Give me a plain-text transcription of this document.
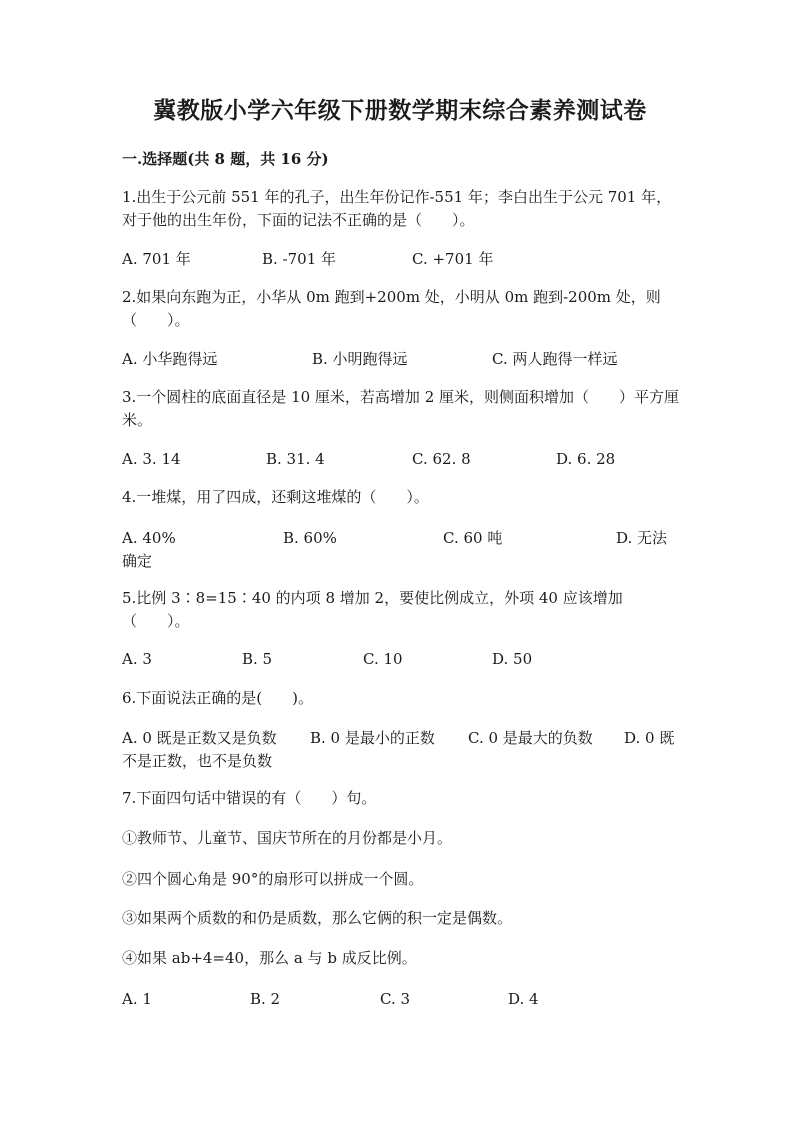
冀教版小学六年级下册数学期末综合素养测试卷
一.选择题(共 8 题，共 16 分)
1.出生于公元前 551 年的孔子，出生年份记作-551 年；李白出生于公元 701 年，对于他的出生年份，下面的记法不正确的是（　　）。
A. 701 年	B. -701 年	C. +701 年
2.如果向东跑为正，小华从 0m 跑到+200m 处，小明从 0m 跑到-200m 处，则（　　）。
A. 小华跑得远	B. 小明跑得远	C. 两人跑得一样远
3.一个圆柱的底面直径是 10 厘米，若高增加 2 厘米，则侧面积增加（　　）平方厘米。
A. 3. 14	B. 31. 4	C. 62. 8	D. 6. 28
4.一堆煤，用了四成，还剩这堆煤的（　　）。
A. 40%	B. 60%	C. 60 吨	D. 无法确定
5.比例 3∶8=15∶40 的内项 8 增加 2，要使比例成立，外项 40 应该增加（　　）。
A. 3	B. 5	C. 10	D. 50
6.下面说法正确的是(　　)。
A. 0 既是正数又是负数 B. 0 是最小的正数 C. 0 是最大的负数	D. 0 既不是正数，也不是负数
7.下面四句话中错误的有（　　）句。
①教师节、儿童节、国庆节所在的月份都是小月。
②四个圆心角是 90°的扇形可以拼成一个圆。
③如果两个质数的和仍是质数，那么它俩的积一定是偶数。
④如果 ab+4=40，那么 a 与 b 成反比例。
A. 1	B. 2	C. 3	D. 4
